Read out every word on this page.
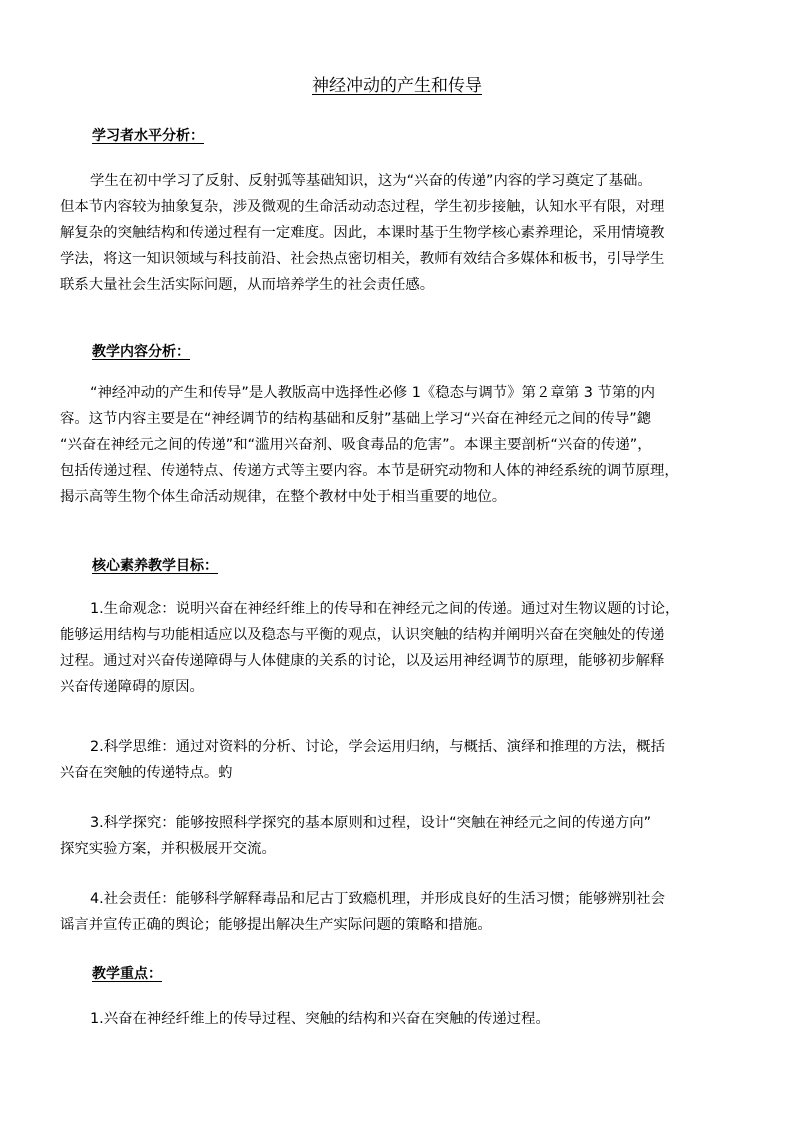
神经冲动的产生和传导
学习者水平分析：
学生在初中学习了反射、反射弧等基础知识，这为“兴奋的传递”内容的学习奠定了基础。
但本节内容较为抽象复杂，涉及微观的生命活动动态过程，学生初步接触，认知水平有限，对理
解复杂的突触结构和传递过程有一定难度。因此，本课时基于生物学核心素养理论，采用情境教
学法，将这一知识领域与科技前沿、社会热点密切相关，教师有效结合多媒体和板书，引导学生
联系大量社会生活实际问题，从而培养学生的社会责任感。
教学内容分析：
“神经冲动的产生和传导”是人教版高中选择性必修 1《稳态与调节》第２章第 3 节第的内
容。这节内容主要是在“神经调节的结构基础和反射”基础上学习“兴奋在神经元之间的传导”鏓
“兴奋在神经元之间的传递”和“滥用兴奋剂、吸食毒品的危害”。本课主要剖析“兴奋的传递”，
包括传递过程、传递特点、传递方式等主要内容。本节是研究动物和人体的神经系统的调节原理，
揭示高等生物个体生命活动规律，在整个教材中处于相当重要的地位。
核心素养教学目标：
1.生命观念：说明兴奋在神经纤维上的传导和在神经元之间的传递。通过对生物议题的讨论，
能够运用结构与功能相适应以及稳态与平衡的观点，认识突触的结构并阐明兴奋在突触处的传递
过程。通过对兴奋传递障碍与人体健康的关系的讨论，以及运用神经调节的原理，能够初步解释
兴奋传递障碍的原因。
2.科学思维：通过对资料的分析、讨论，学会运用归纳，与概括、演绎和推理的方法，概括
兴奋在突触的传递特点。虳
3.科学探究：能够按照科学探究的基本原则和过程，设计“突触在神经元之间的传递方向”
探究实验方案，并积极展开交流。
4.社会责任：能够科学解释毒品和尼古丁致瘾机理，并形成良好的生活习惯；能够辨别社会
谣言并宣传正确的舆论；能够提出解决生产实际问题的策略和措施。
教学重点：
1.兴奋在神经纤维上的传导过程、突触的结构和兴奋在突触的传递过程。
